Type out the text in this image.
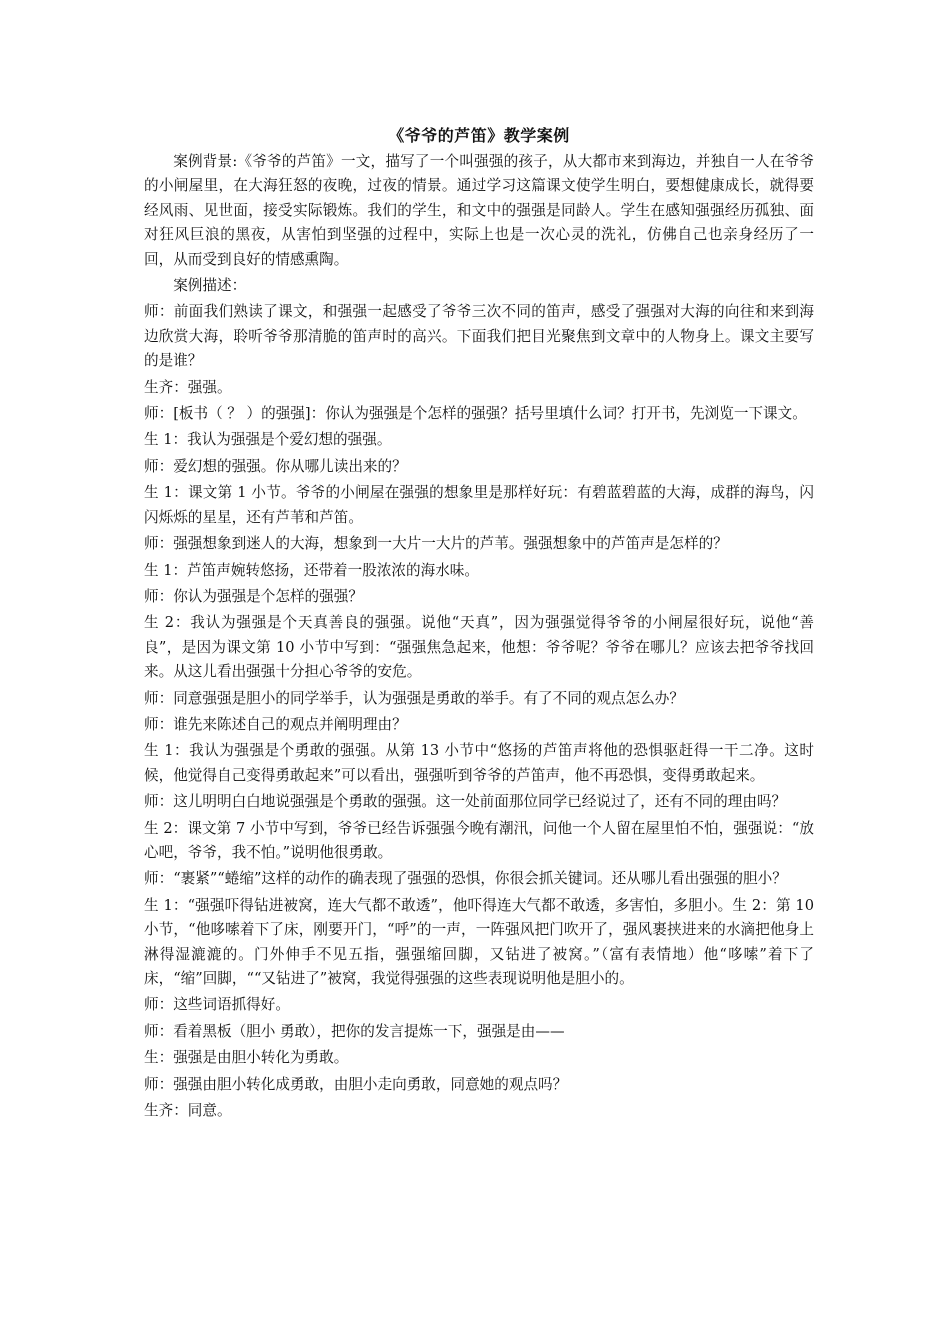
《爷爷的芦笛》教学案例

案例背景:《爷爷的芦笛》一文，描写了一个叫强强的孩子，从大都市来到海边，并独自一人在爷爷的小闸屋里，在大海狂怒的夜晚，过夜的情景。通过学习这篇课文使学生明白，要想健康成长，就得要经风雨、见世面，接受实际锻炼。我们的学生，和文中的强强是同龄人。学生在感知强强经历孤独、面对狂风巨浪的黑夜，从害怕到坚强的过程中，实际上也是一次心灵的洗礼，仿佛自己也亲身经历了一回，从而受到良好的情感熏陶。

案例描述：

师：前面我们熟读了课文，和强强一起感受了爷爷三次不同的笛声，感受了强强对大海的向往和来到海边欣赏大海，聆听爷爷那清脆的笛声时的高兴。下面我们把目光聚焦到文章中的人物身上。课文主要写的是谁？

生齐：强强。

师：[板书（ ？ ）的强强]：你认为强强是个怎样的强强？括号里填什么词？打开书，先浏览一下课文。

生 1：我认为强强是个爱幻想的强强。

师：爱幻想的强强。你从哪儿读出来的？

生 1：课文第 1 小节。爷爷的小闸屋在强强的想象里是那样好玩：有碧蓝碧蓝的大海，成群的海鸟，闪闪烁烁的星星，还有芦苇和芦笛。

师：强强想象到迷人的大海，想象到一大片一大片的芦苇。强强想象中的芦笛声是怎样的？

生 1：芦笛声婉转悠扬，还带着一股浓浓的海水味。

师：你认为强强是个怎样的强强？

生 2：我认为强强是个天真善良的强强。说他“天真”，因为强强觉得爷爷的小闸屋很好玩，说他“善良”，是因为课文第 10 小节中写到：“强强焦急起来，他想：爷爷呢？爷爷在哪儿？应该去把爷爷找回来。从这儿看出强强十分担心爷爷的安危。

师：同意强强是胆小的同学举手，认为强强是勇敢的举手。有了不同的观点怎么办？

师：谁先来陈述自己的观点并阐明理由？

生 1：我认为强强是个勇敢的强强。从第 13 小节中“悠扬的芦笛声将他的恐惧驱赶得一干二净。这时候，他觉得自己变得勇敢起来”可以看出，强强听到爷爷的芦笛声，他不再恐惧，变得勇敢起来。

师：这儿明明白白地说强强是个勇敢的强强。这一处前面那位同学已经说过了，还有不同的理由吗？

生 2：课文第 7 小节中写到，爷爷已经告诉强强今晚有潮汛，问他一个人留在屋里怕不怕，强强说：“放心吧，爷爷，我不怕。”说明他很勇敢。

师：“裹紧”“蜷缩”这样的动作的确表现了强强的恐惧，你很会抓关键词。还从哪儿看出强强的胆小？

生 1：“强强吓得钻进被窝，连大气都不敢透”，他吓得连大气都不敢透，多害怕，多胆小。生 2：第 10 小节，“他哆嗦着下了床，刚要开门，“呼”的一声，一阵强风把门吹开了，强风裹挟进来的水滴把他身上淋得湿漉漉的。门外伸手不见五指，强强缩回脚，又钻进了被窝。”（富有表情地）他“哆嗦”着下了床，“缩”回脚，““又钻进了”被窝，我觉得强强的这些表现说明他是胆小的。

师：这些词语抓得好。

师：看着黑板（胆小 勇敢），把你的发言提炼一下，强强是由——

生：强强是由胆小转化为勇敢。

师：强强由胆小转化成勇敢，由胆小走向勇敢，同意她的观点吗？

生齐：同意。
